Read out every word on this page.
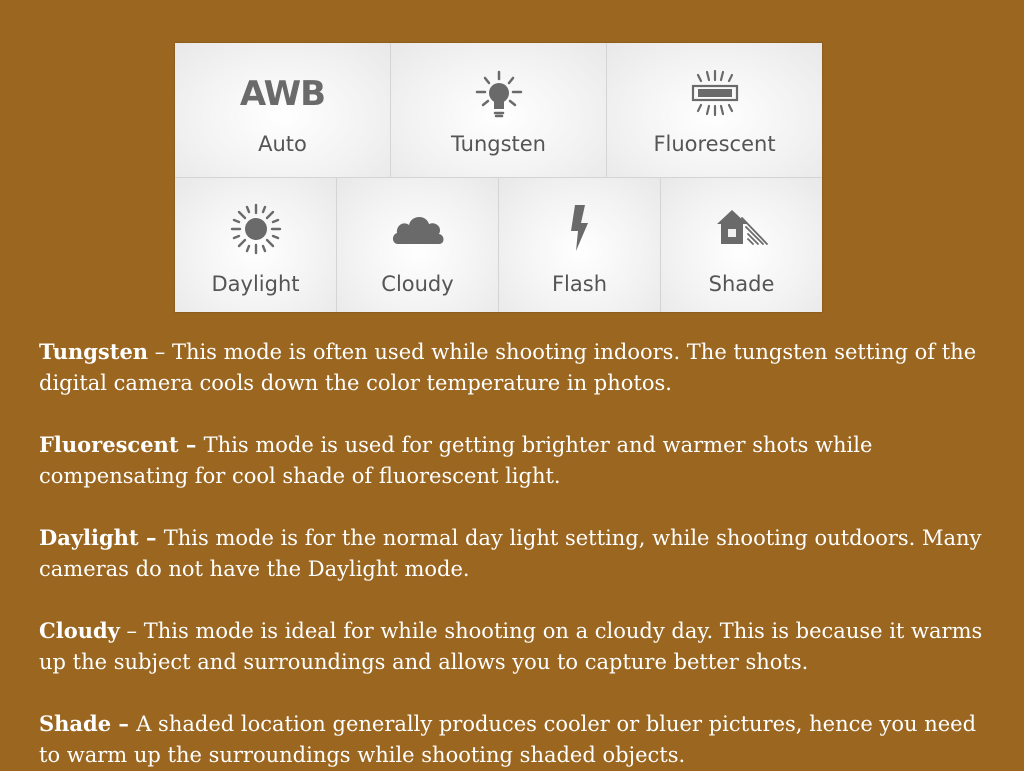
AWB
Auto	Tungsten	Fluorescent
Daylight	Cloudy	Flash	Shade

Tungsten – This mode is often used while shooting indoors. The tungsten setting of the digital camera cools down the color temperature in photos.

Fluorescent – This mode is used for getting brighter and warmer shots while compensating for cool shade of fluorescent light.

Daylight – This mode is for the normal day light setting, while shooting outdoors. Many cameras do not have the Daylight mode.

Cloudy – This mode is ideal for while shooting on a cloudy day. This is because it warms up the subject and surroundings and allows you to capture better shots.

Shade – A shaded location generally produces cooler or bluer pictures, hence you need to warm up the surroundings while shooting shaded objects.
